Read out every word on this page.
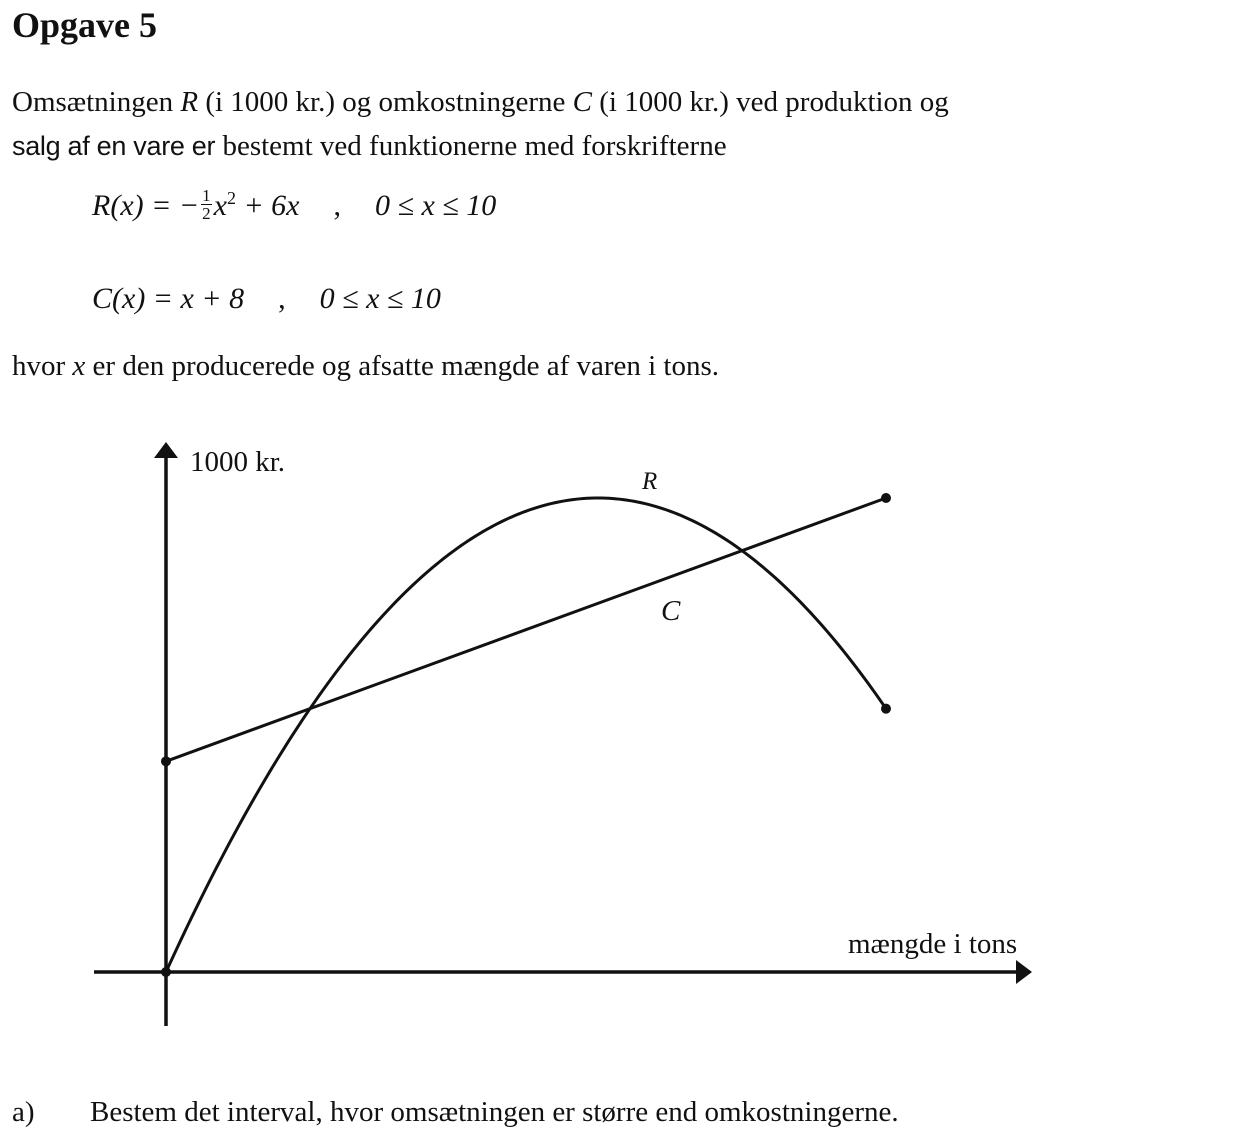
Opgave 5
Omsætningen R (i 1000 kr.) og omkostningerne C (i 1000 kr.) ved produktion og
salg af en vare er bestemt ved funktionerne med forskrifterne
R(x) = − $\frac{1}{2} x^2 + 6x$ , 0 ≤ x ≤ 10
C(x) = x + 8 , 0 ≤ x ≤ 10
hvor x er den producerede og afsatte mængde af varen i tons.
1000 kr.
mængde i tons
R
C
a) Bestem det interval, hvor omsætningen er større end omkostningerne.
